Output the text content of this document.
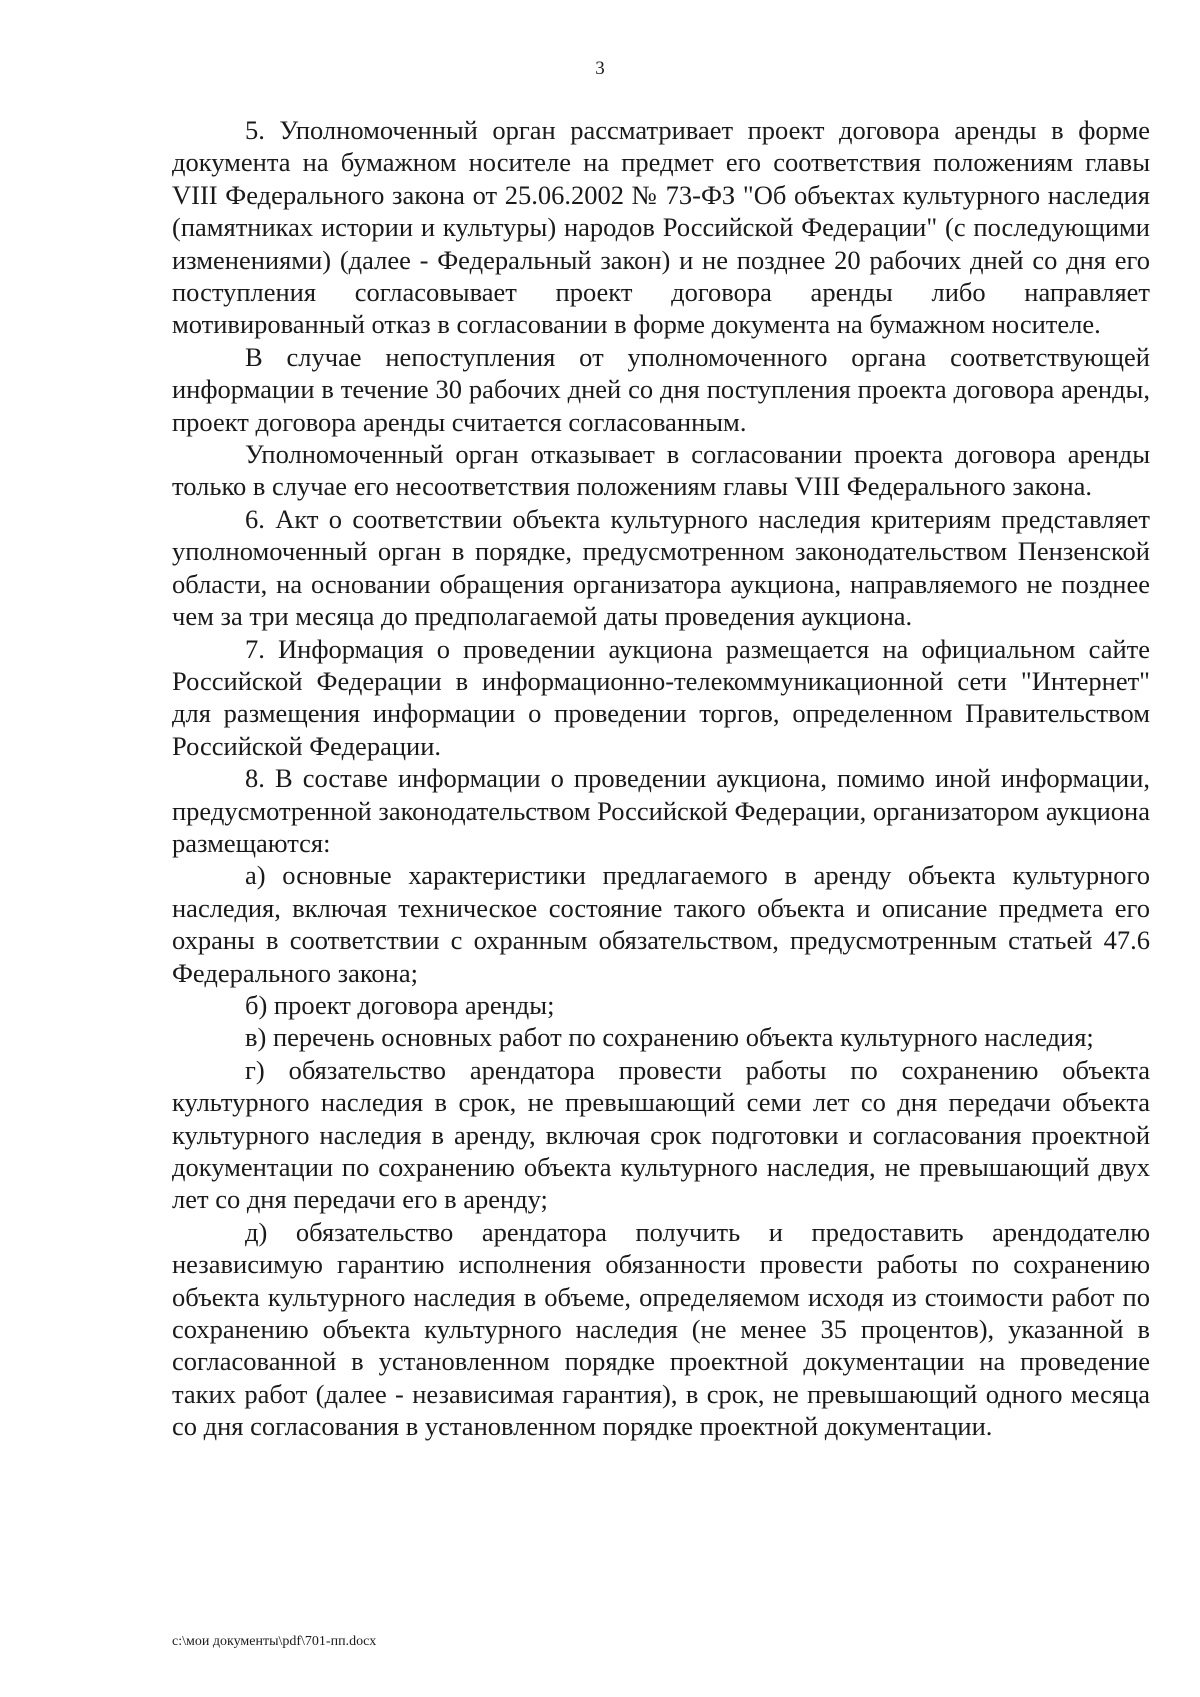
3

5. Уполномоченный орган рассматривает проект договора аренды в форме документа на бумажном носителе на предмет его соответствия положениям главы VIII Федерального закона от 25.06.2002 № 73-ФЗ "Об объектах культурного наследия (памятниках истории и культуры) народов Российской Федерации" (с последующими изменениями) (далее - Федеральный закон) и не позднее 20 рабочих дней со дня его поступления согласовывает проект договора аренды либо направляет мотивированный отказ в согласовании в форме документа на бумажном носителе.

В случае непоступления от уполномоченного органа соответствующей информации в течение 30 рабочих дней со дня поступления проекта договора аренды, проект договора аренды считается согласованным.

Уполномоченный орган отказывает в согласовании проекта договора аренды только в случае его несоответствия положениям главы VIII Федерального закона.

6. Акт о соответствии объекта культурного наследия критериям представляет уполномоченный орган в порядке, предусмотренном законодательством Пензенской области, на основании обращения организатора аукциона, направляемого не позднее чем за три месяца до предполагаемой даты проведения аукциона.

7. Информация о проведении аукциона размещается на официальном сайте Российской Федерации в информационно-телекоммуникационной сети "Интернет" для размещения информации о проведении торгов, определенном Правительством Российской Федерации.

8. В составе информации о проведении аукциона, помимо иной информации, предусмотренной законодательством Российской Федерации, организатором аукциона размещаются:

а) основные характеристики предлагаемого в аренду объекта культурного наследия, включая техническое состояние такого объекта и описание предмета его охраны в соответствии с охранным обязательством, предусмотренным статьей 47.6 Федерального закона;

б) проект договора аренды;

в) перечень основных работ по сохранению объекта культурного наследия;

г) обязательство арендатора провести работы по сохранению объекта культурного наследия в срок, не превышающий семи лет со дня передачи объекта культурного наследия в аренду, включая срок подготовки и согласования проектной документации по сохранению объекта культурного наследия, не превышающий двух лет со дня передачи его в аренду;

д) обязательство арендатора получить и предоставить арендодателю независимую гарантию исполнения обязанности провести работы по сохранению объекта культурного наследия в объеме, определяемом исходя из стоимости работ по сохранению объекта культурного наследия (не менее 35 процентов), указанной в согласованной в установленном порядке проектной документации на проведение таких работ (далее - независимая гарантия), в срок, не превышающий одного месяца со дня согласования в установленном порядке проектной документации.

c:\мои документы\pdf\701-пп.docx
